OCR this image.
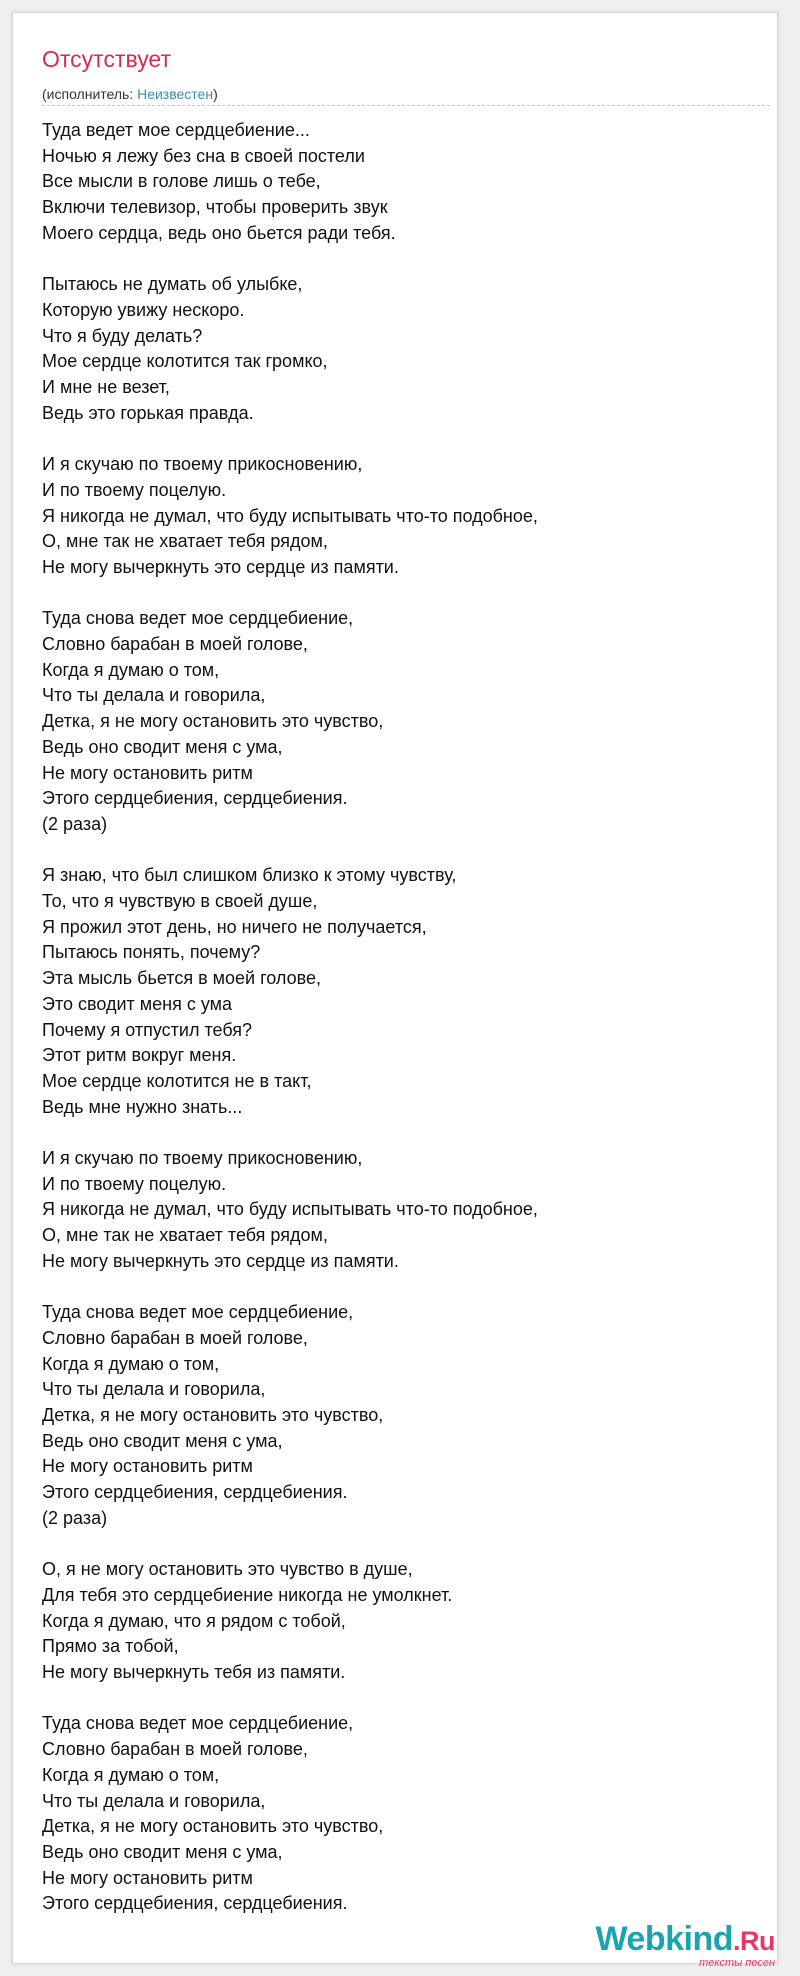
Отсутствует
(исполнитель: Неизвестен)
Туда ведет мое сердцебиение...
Ночью я лежу без сна в своей постели
Все мысли в голове лишь о тебе,
Включи телевизор, чтобы проверить звук
Моего сердца, ведь оно бьется ради тебя.
Пытаюсь не думать об улыбке,
Которую увижу нескоро.
Что я буду делать?
Мое сердце колотится так громко,
И мне не везет,
Ведь это горькая правда.
И я скучаю по твоему прикосновению,
И по твоему поцелую.
Я никогда не думал, что буду испытывать что-то подобное,
О, мне так не хватает тебя рядом,
Не могу вычеркнуть это сердце из памяти.
Туда снова ведет мое сердцебиение,
Словно барабан в моей голове,
Когда я думаю о том,
Что ты делала и говорила,
Детка, я не могу остановить это чувство,
Ведь оно сводит меня с ума,
Не могу остановить ритм
Этого сердцебиения, сердцебиения.
(2 раза)
Я знаю, что был слишком близко к этому чувству,
То, что я чувствую в своей душе,
Я прожил этот день, но ничего не получается,
Пытаюсь понять, почему?
Эта мысль бьется в моей голове,
Это сводит меня с ума
Почему я отпустил тебя?
Этот ритм вокруг меня.
Мое сердце колотится не в такт,
Ведь мне нужно знать...
И я скучаю по твоему прикосновению,
И по твоему поцелую.
Я никогда не думал, что буду испытывать что-то подобное,
О, мне так не хватает тебя рядом,
Не могу вычеркнуть это сердце из памяти.
Туда снова ведет мое сердцебиение,
Словно барабан в моей голове,
Когда я думаю о том,
Что ты делала и говорила,
Детка, я не могу остановить это чувство,
Ведь оно сводит меня с ума,
Не могу остановить ритм
Этого сердцебиения, сердцебиения.
(2 раза)
О, я не могу остановить это чувство в душе,
Для тебя это сердцебиение никогда не умолкнет.
Когда я думаю, что я рядом с тобой,
Прямо за тобой,
Не могу вычеркнуть тебя из памяти.
Туда снова ведет мое сердцебиение,
Словно барабан в моей голове,
Когда я думаю о том,
Что ты делала и говорила,
Детка, я не могу остановить это чувство,
Ведь оно сводит меня с ума,
Не могу остановить ритм
Этого сердцебиения, сердцебиения.
Webkind.Ru
тексты песен
